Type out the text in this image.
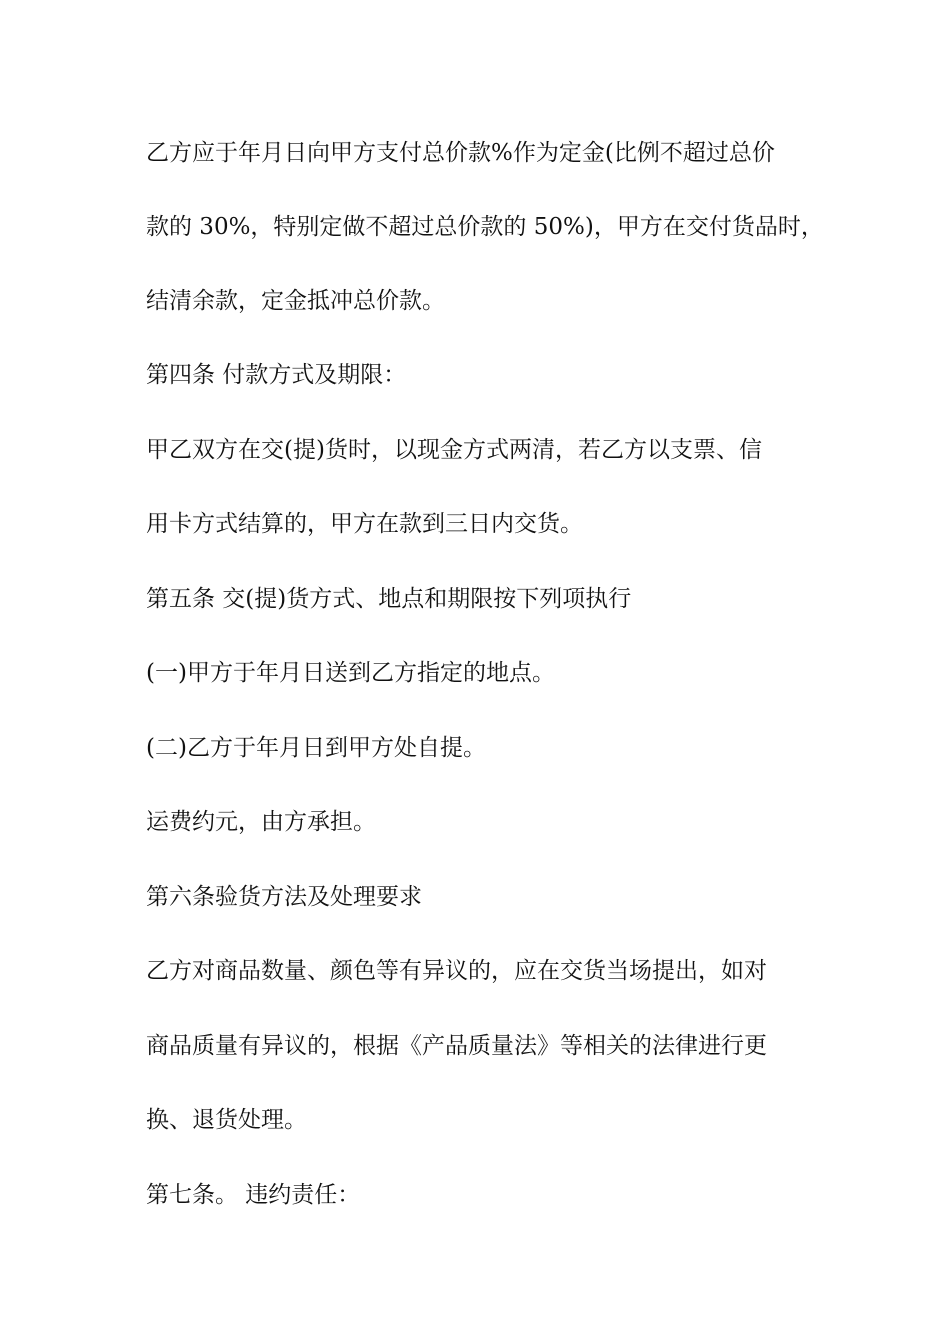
乙方应于年月日向甲方支付总价款%作为定金(比例不超过总价

款的 30%，特别定做不超过总价款的 50%)，甲方在交付货品时，

结清余款，定金抵冲总价款。

第四条 付款方式及期限：

甲乙双方在交(提)货时，以现金方式两清，若乙方以支票、信

用卡方式结算的，甲方在款到三日内交货。

第五条 交(提)货方式、地点和期限按下列项执行

(一)甲方于年月日送到乙方指定的地点。

(二)乙方于年月日到甲方处自提。

运费约元，由方承担。

第六条验货方法及处理要求

乙方对商品数量、颜色等有异议的，应在交货当场提出，如对

商品质量有异议的，根据《产品质量法》等相关的法律进行更

换、退货处理。

第七条。 违约责任：
